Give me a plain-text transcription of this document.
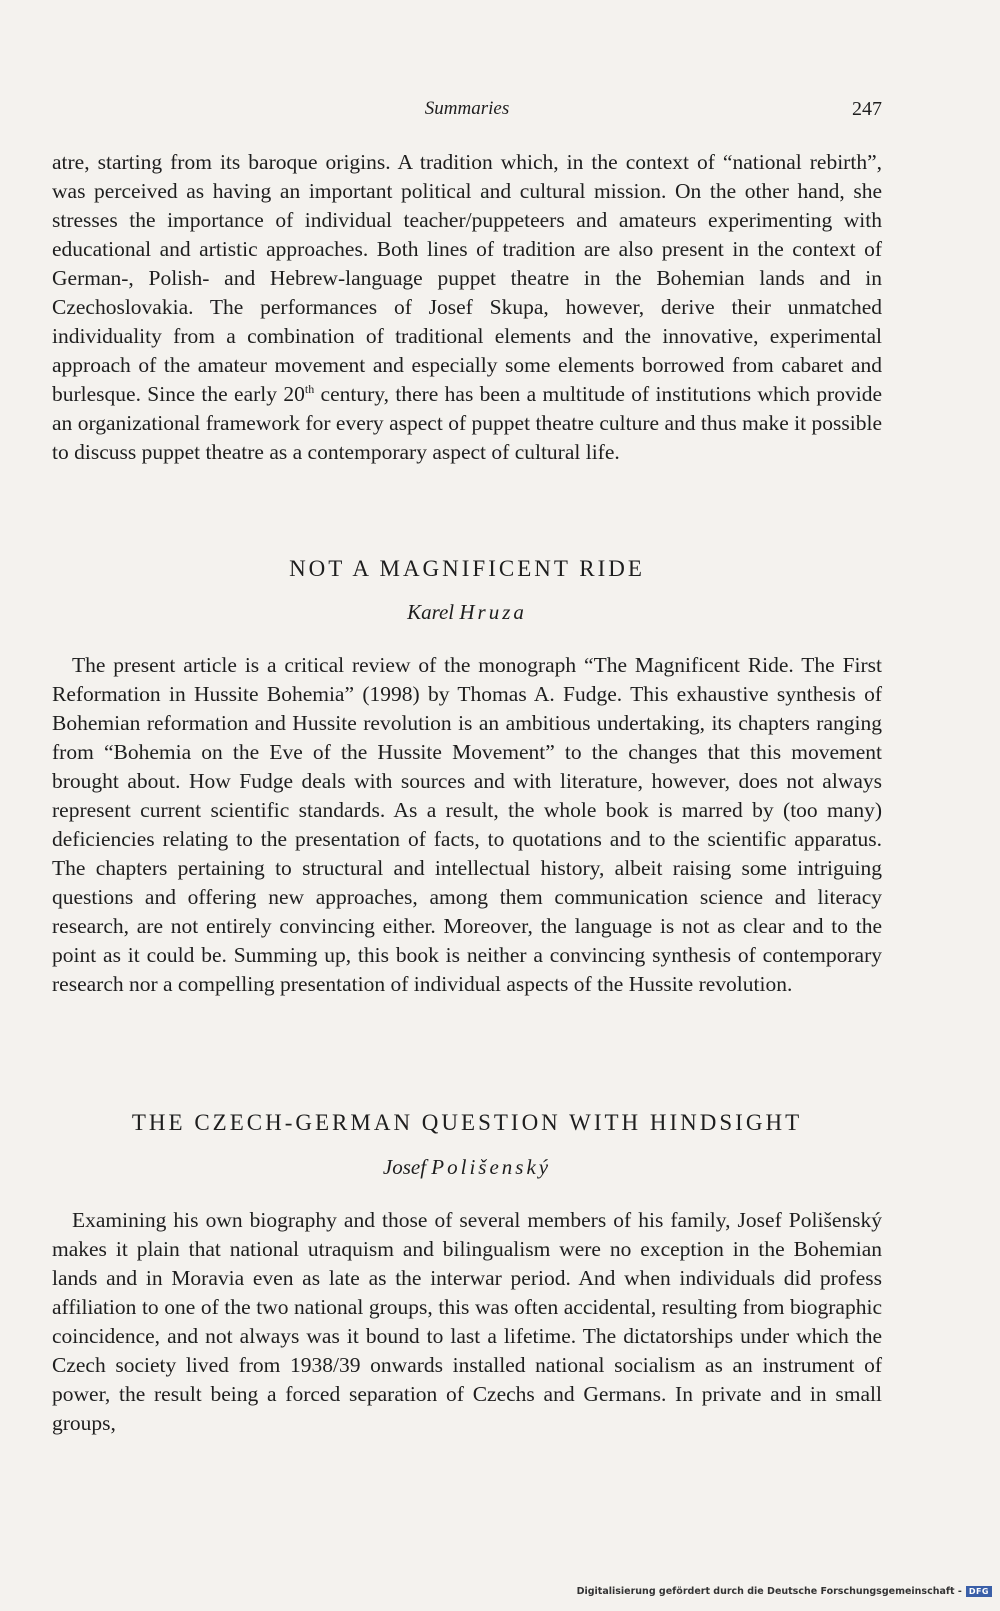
Summaries	247

atre, starting from its baroque origins. A tradition which, in the context of “national rebirth”, was perceived as having an important political and cultural mission. On the other hand, she stresses the importance of individual teacher/puppeteers and amateurs experimenting with educational and artistic approaches. Both lines of tradition are also present in the context of German-, Polish- and Hebrew-language puppet theatre in the Bohemian lands and in Czechoslovakia. The performances of Josef Skupa, however, derive their unmatched individuality from a combination of traditional elements and the innovative, experimental approach of the amateur movement and especially some elements borrowed from cabaret and burlesque. Since the early 20th century, there has been a multitude of institutions which provide an organizational framework for every aspect of puppet theatre culture and thus make it possible to discuss puppet theatre as a contemporary aspect of cultural life.

NOT A MAGNIFICENT RIDE
Karel Hruza

The present article is a critical review of the monograph “The Magnificent Ride. The First Reformation in Hussite Bohemia” (1998) by Thomas A. Fudge. This exhaustive synthesis of Bohemian reformation and Hussite revolution is an ambitious undertaking, its chapters ranging from “Bohemia on the Eve of the Hussite Movement” to the changes that this movement brought about. How Fudge deals with sources and with literature, however, does not always represent current scientific standards. As a result, the whole book is marred by (too many) deficiencies relating to the presentation of facts, to quotations and to the scientific apparatus. The chapters pertaining to structural and intellectual history, albeit raising some intriguing questions and offering new approaches, among them communication science and literacy research, are not entirely convincing either. Moreover, the language is not as clear and to the point as it could be. Summing up, this book is neither a convincing synthesis of contemporary research nor a compelling presentation of individual aspects of the Hussite revolution.

THE CZECH-GERMAN QUESTION WITH HINDSIGHT
Josef Polišenský

Examining his own biography and those of several members of his family, Josef Polišenský makes it plain that national utraquism and bilingualism were no exception in the Bohemian lands and in Moravia even as late as the interwar period. And when individuals did profess affiliation to one of the two national groups, this was often accidental, resulting from biographic coincidence, and not always was it bound to last a lifetime. The dictatorships under which the Czech society lived from 1938/39 onwards installed national socialism as an instrument of power, the result being a forced separation of Czechs and Germans. In private and in small groups,

Digitalisierung gefördert durch die Deutsche Forschungsgemeinschaft - DFG
